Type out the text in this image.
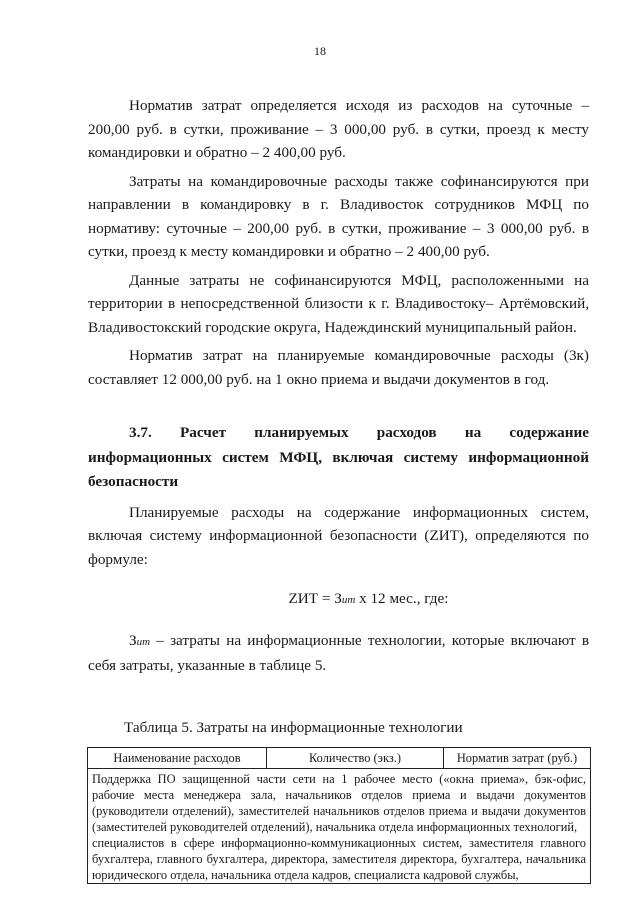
18

Норматив затрат определяется исходя из расходов на суточные – 200,00 руб. в сутки, проживание – 3 000,00 руб. в сутки, проезд к месту командировки и обратно – 2 400,00 руб.

Затраты на командировочные расходы также софинансируются при направлении в командировку в г. Владивосток сотрудников МФЦ по нормативу: суточные – 200,00 руб. в сутки, проживание – 3 000,00 руб. в сутки, проезд к месту командировки и обратно – 2 400,00 руб.

Данные затраты не софинансируются МФЦ, расположенными на территории в непосредственной близости к г. Владивостоку– Артёмовский, Владивостокский городские округа, Надеждинский муниципальный район.

Норматив затрат на планируемые командировочные расходы (3к) составляет 12 000,00 руб. на 1 окно приема и выдачи документов в год.

3.7. Расчет планируемых расходов на содержание информационных систем МФЦ, включая систему информационной безопасности

Планируемые расходы на содержание информационных систем, включая систему информационной безопасности (ZИТ), определяются по формуле:

ZИТ = Зит х 12 мес., где:

Зит – затраты на информационные технологии, которые включают в себя затраты, указанные в таблице 5.

Таблица 5. Затраты на информационные технологии

Наименование расходов	Количество (экз.)	Норматив затрат (руб.)

Поддержка ПО защищенной части сети на 1 рабочее место («окна приема», бэк-офис, рабочие места менеджера зала, начальников отделов приема и выдачи документов (руководители отделений), заместителей начальников отделов приема и выдачи документов (заместителей руководителей отделений), начальника отдела информационных технологий,
специалистов в сфере информационно-коммуникационных систем, заместителя главного бухгалтера, главного бухгалтера, директора, заместителя директора, бухгалтера, начальника юридического отдела, начальника отдела кадров, специалиста кадровой службы,
